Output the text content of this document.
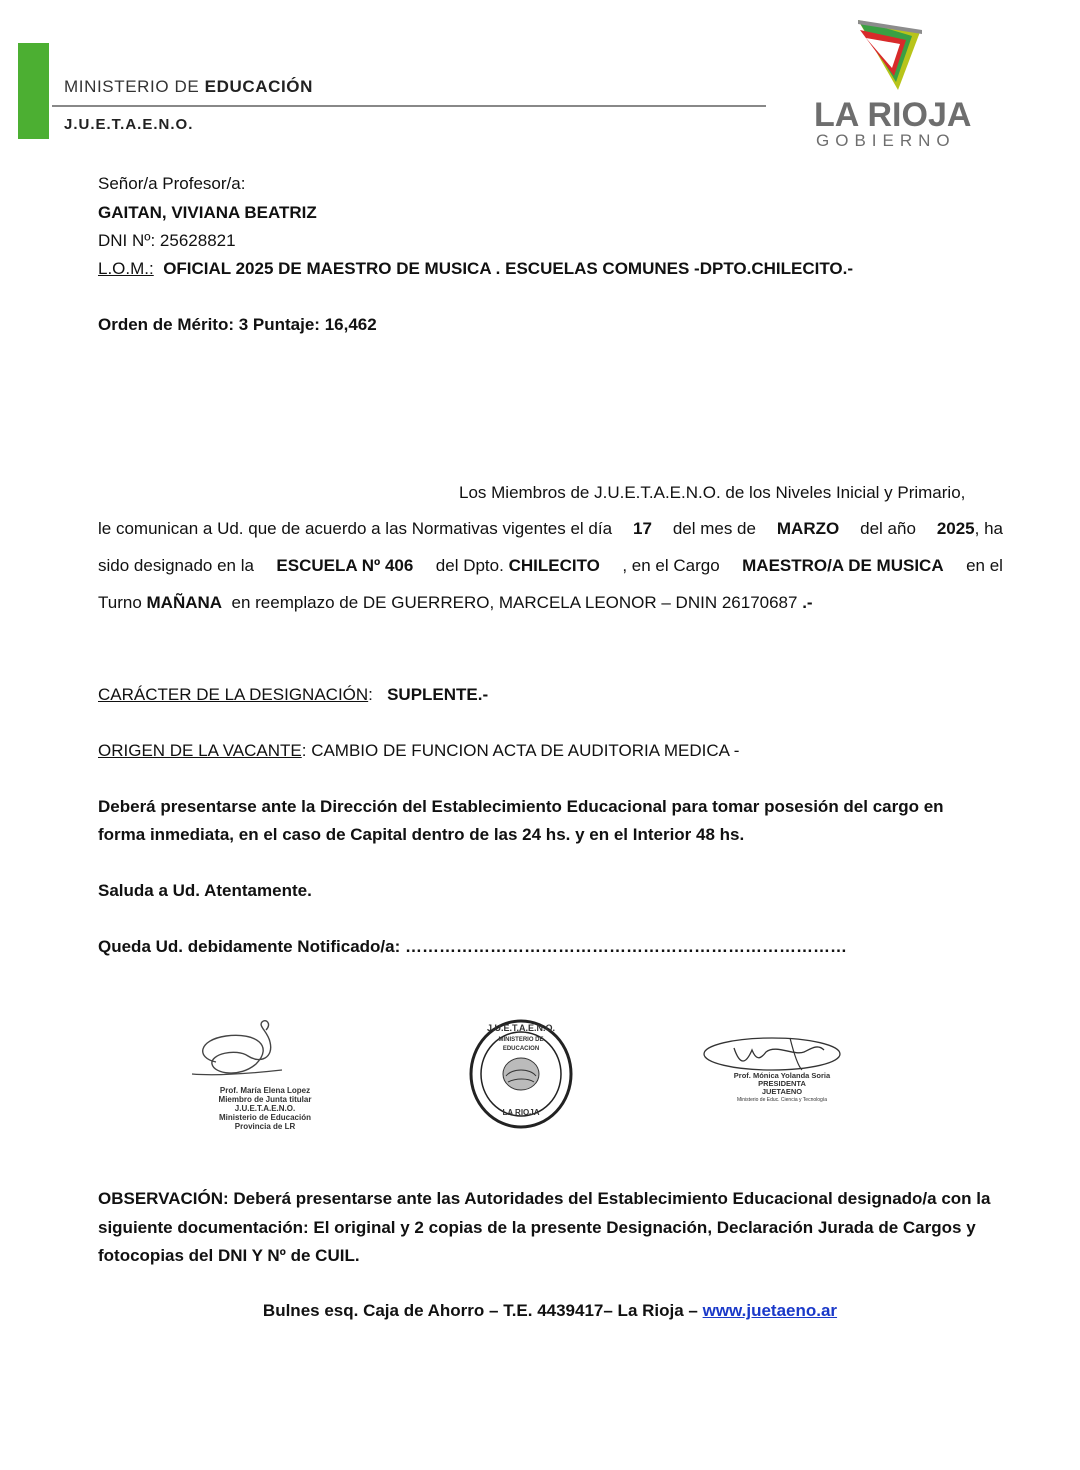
MINISTERIO DE EDUCACIÓN
J.U.E.T.A.E.N.O.	LA RIOJA
GOBIERNO
Señor/a Profesor/a:
GAITAN, VIVIANA BEATRIZ
DNI Nº: 25628821
L.O.M.: OFICIAL 2025 DE MAESTRO DE MUSICA . ESCUELAS COMUNES -DPTO.CHILECITO.-
Orden de Mérito: 3 Puntaje: 16,462
Los Miembros de J.U.E.T.A.E.N.O. de los Niveles Inicial y Primario,
le comunican a Ud. que de acuerdo a las Normativas vigentes el día 17 del mes de MARZO del año 2025, ha
sido designado en la ESCUELA Nº 406 del Dpto. CHILECITO , en el Cargo MAESTRO/A DE MUSICA en el
Turno MAÑANA en reemplazo de DE GUERRERO, MARCELA LEONOR – DNIN 26170687 .-
CARÁCTER DE LA DESIGNACIÓN:   SUPLENTE.-
ORIGEN DE LA VACANTE: CAMBIO DE FUNCION ACTA DE AUDITORIA MEDICA -
Deberá presentarse ante la Dirección del Establecimiento Educacional para tomar posesión del cargo en
forma inmediata, en el caso de Capital dentro de las 24 hs. y en el Interior 48 hs.
Saluda a Ud. Atentamente.
Queda Ud. debidamente Notificado/a: ……………………………………………………………………
Prof. María Elena Lopez
Miembro de Junta titular
J.U.E.T.A.E.N.O.
Ministerio de Educación
Provincia de LR
J.U.E.T.A.E.N.O.
MINISTERIO DE EDUCACION
LA RIOJA
Prof. Mónica Yolanda Soria
PRESIDENTA
JUETAENO
Ministerio de Educ. Ciencia y Tecnología
OBSERVACIÓN: Deberá presentarse ante las Autoridades del Establecimiento Educacional designado/a con la
siguiente documentación: El original y 2 copias de la presente Designación, Declaración Jurada de Cargos y
fotocopias del DNI Y Nº de CUIL.
Bulnes esq. Caja de Ahorro – T.E. 4439417– La Rioja – www.juetaeno.ar
